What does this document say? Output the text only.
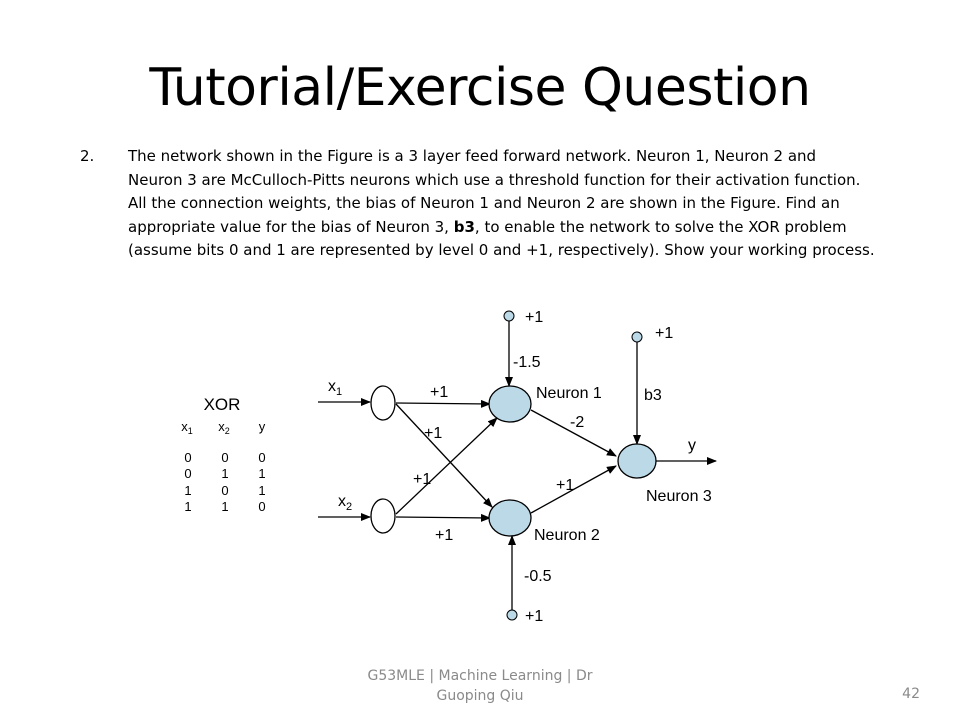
Tutorial/Exercise Question
2. The network shown in the Figure is a 3 layer feed forward network. Neuron 1, Neuron 2 and
Neuron 3 are McCulloch-Pitts neurons which use a threshold function for their activation function.
All the connection weights, the bias of Neuron 1 and Neuron 2 are shown in the Figure. Find an
appropriate value for the bias of Neuron 3, b3, to enable the network to solve the XOR problem
(assume bits 0 and 1 are represented by level 0 and +1, respectively). Show your working process.
XOR
$x_1$ $x_2$ y
0 0 0
0 1 1
1 0 1
1 1 0
$x_1$
$x_2$
+1
-1.5
+1
b3
-0.5
+1
+1
+1
+1
+1
-2
+1
Neuron 1
Neuron 2
Neuron 3
y
G53MLE | Machine Learning | Dr
Guoping Qiu	42
